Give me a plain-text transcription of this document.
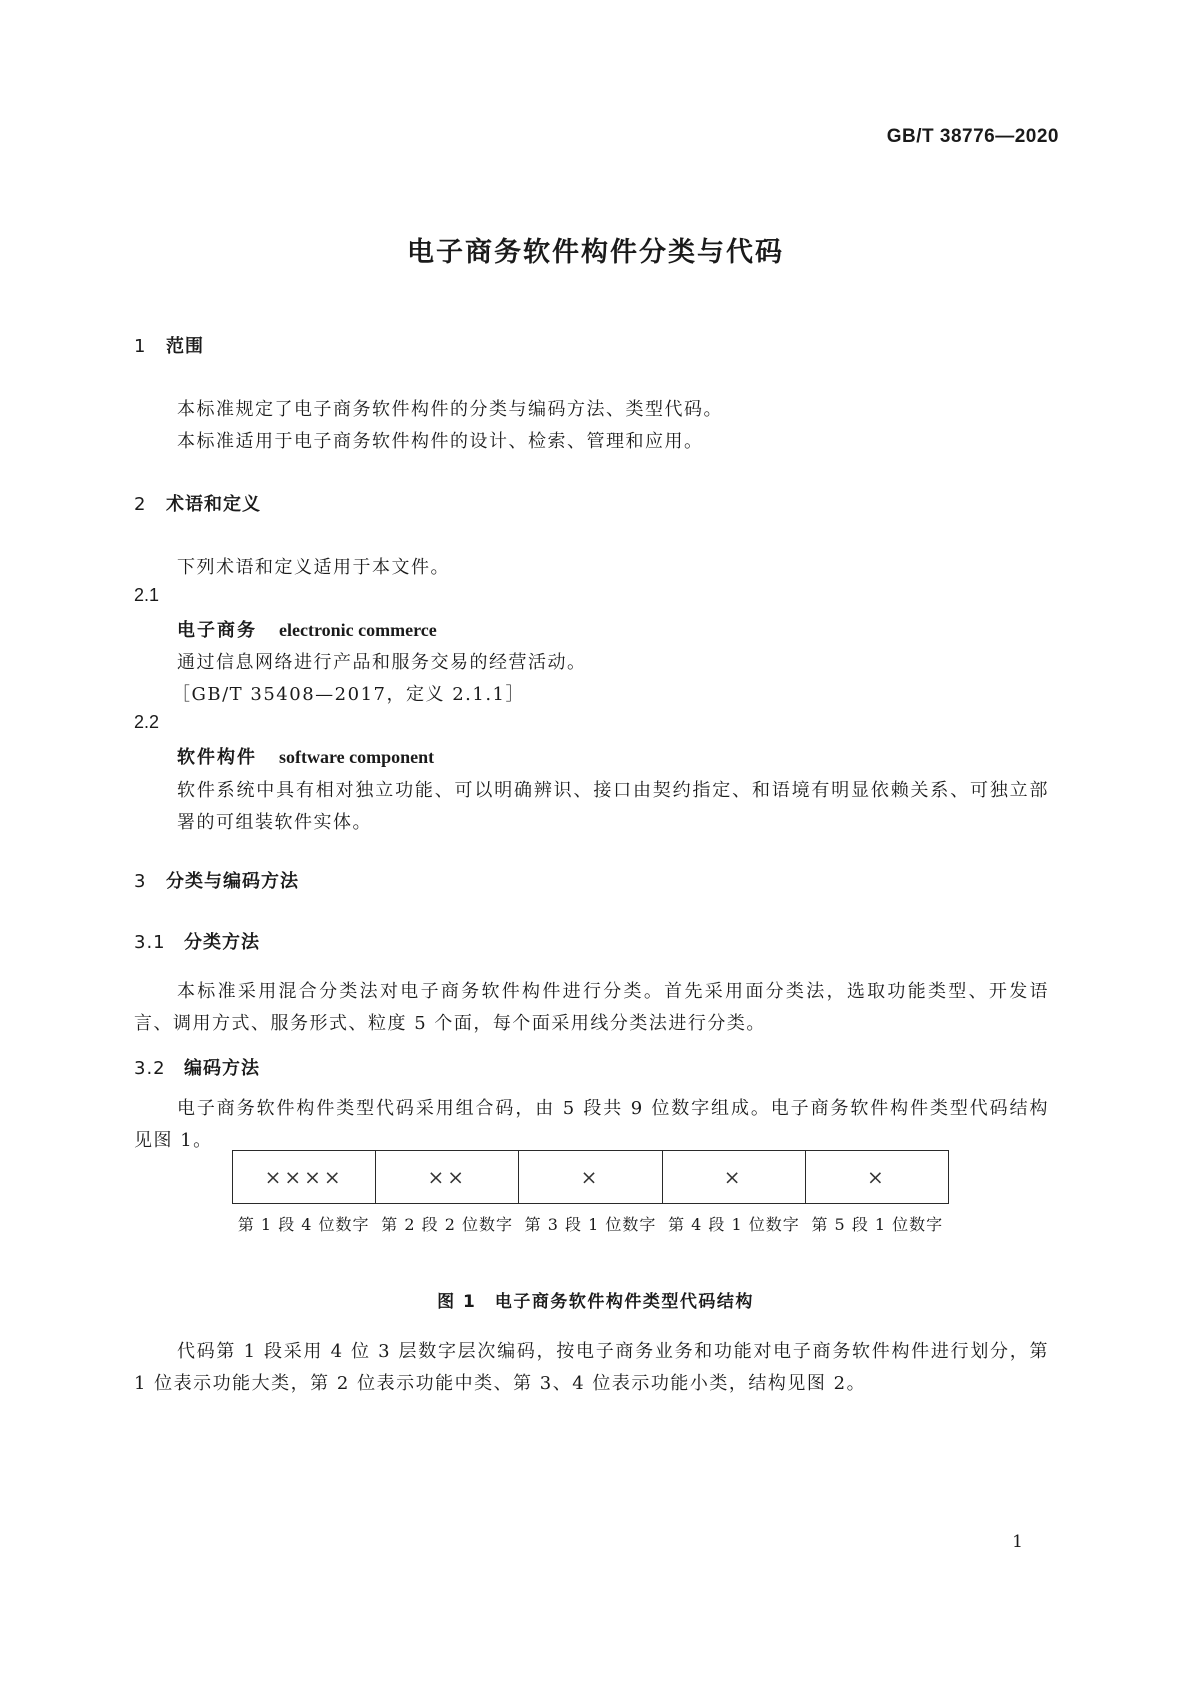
GB/T 38776—2020
电子商务软件构件分类与代码
1 范围
本标准规定了电子商务软件构件的分类与编码方法、类型代码。
本标准适用于电子商务软件构件的设计、检索、管理和应用。
2 术语和定义
下列术语和定义适用于本文件。
2.1
电子商务 electronic commerce
通过信息网络进行产品和服务交易的经营活动。
［GB/T 35408—2017，定义 2.1.1］
2.2
软件构件 software component
软件系统中具有相对独立功能、可以明确辨识、接口由契约指定、和语境有明显依赖关系、可独立部署的可组装软件实体。
3 分类与编码方法
3.1 分类方法
本标准采用混合分类法对电子商务软件构件进行分类。首先采用面分类法，选取功能类型、开发语言、调用方式、服务形式、粒度 5 个面，每个面采用线分类法进行分类。
3.2 编码方法
电子商务软件构件类型代码采用组合码，由 5 段共 9 位数字组成。电子商务软件构件类型代码结构见图 1。
××××	××	×	×	×
第 1 段 4 位数字 第 2 段 2 位数字 第 3 段 1 位数字 第 4 段 1 位数字 第 5 段 1 位数字
图 1　电子商务软件构件类型代码结构
代码第 1 段采用 4 位 3 层数字层次编码，按电子商务业务和功能对电子商务软件构件进行划分，第 1 位表示功能大类，第 2 位表示功能中类、第 3、4 位表示功能小类，结构见图 2。
1
